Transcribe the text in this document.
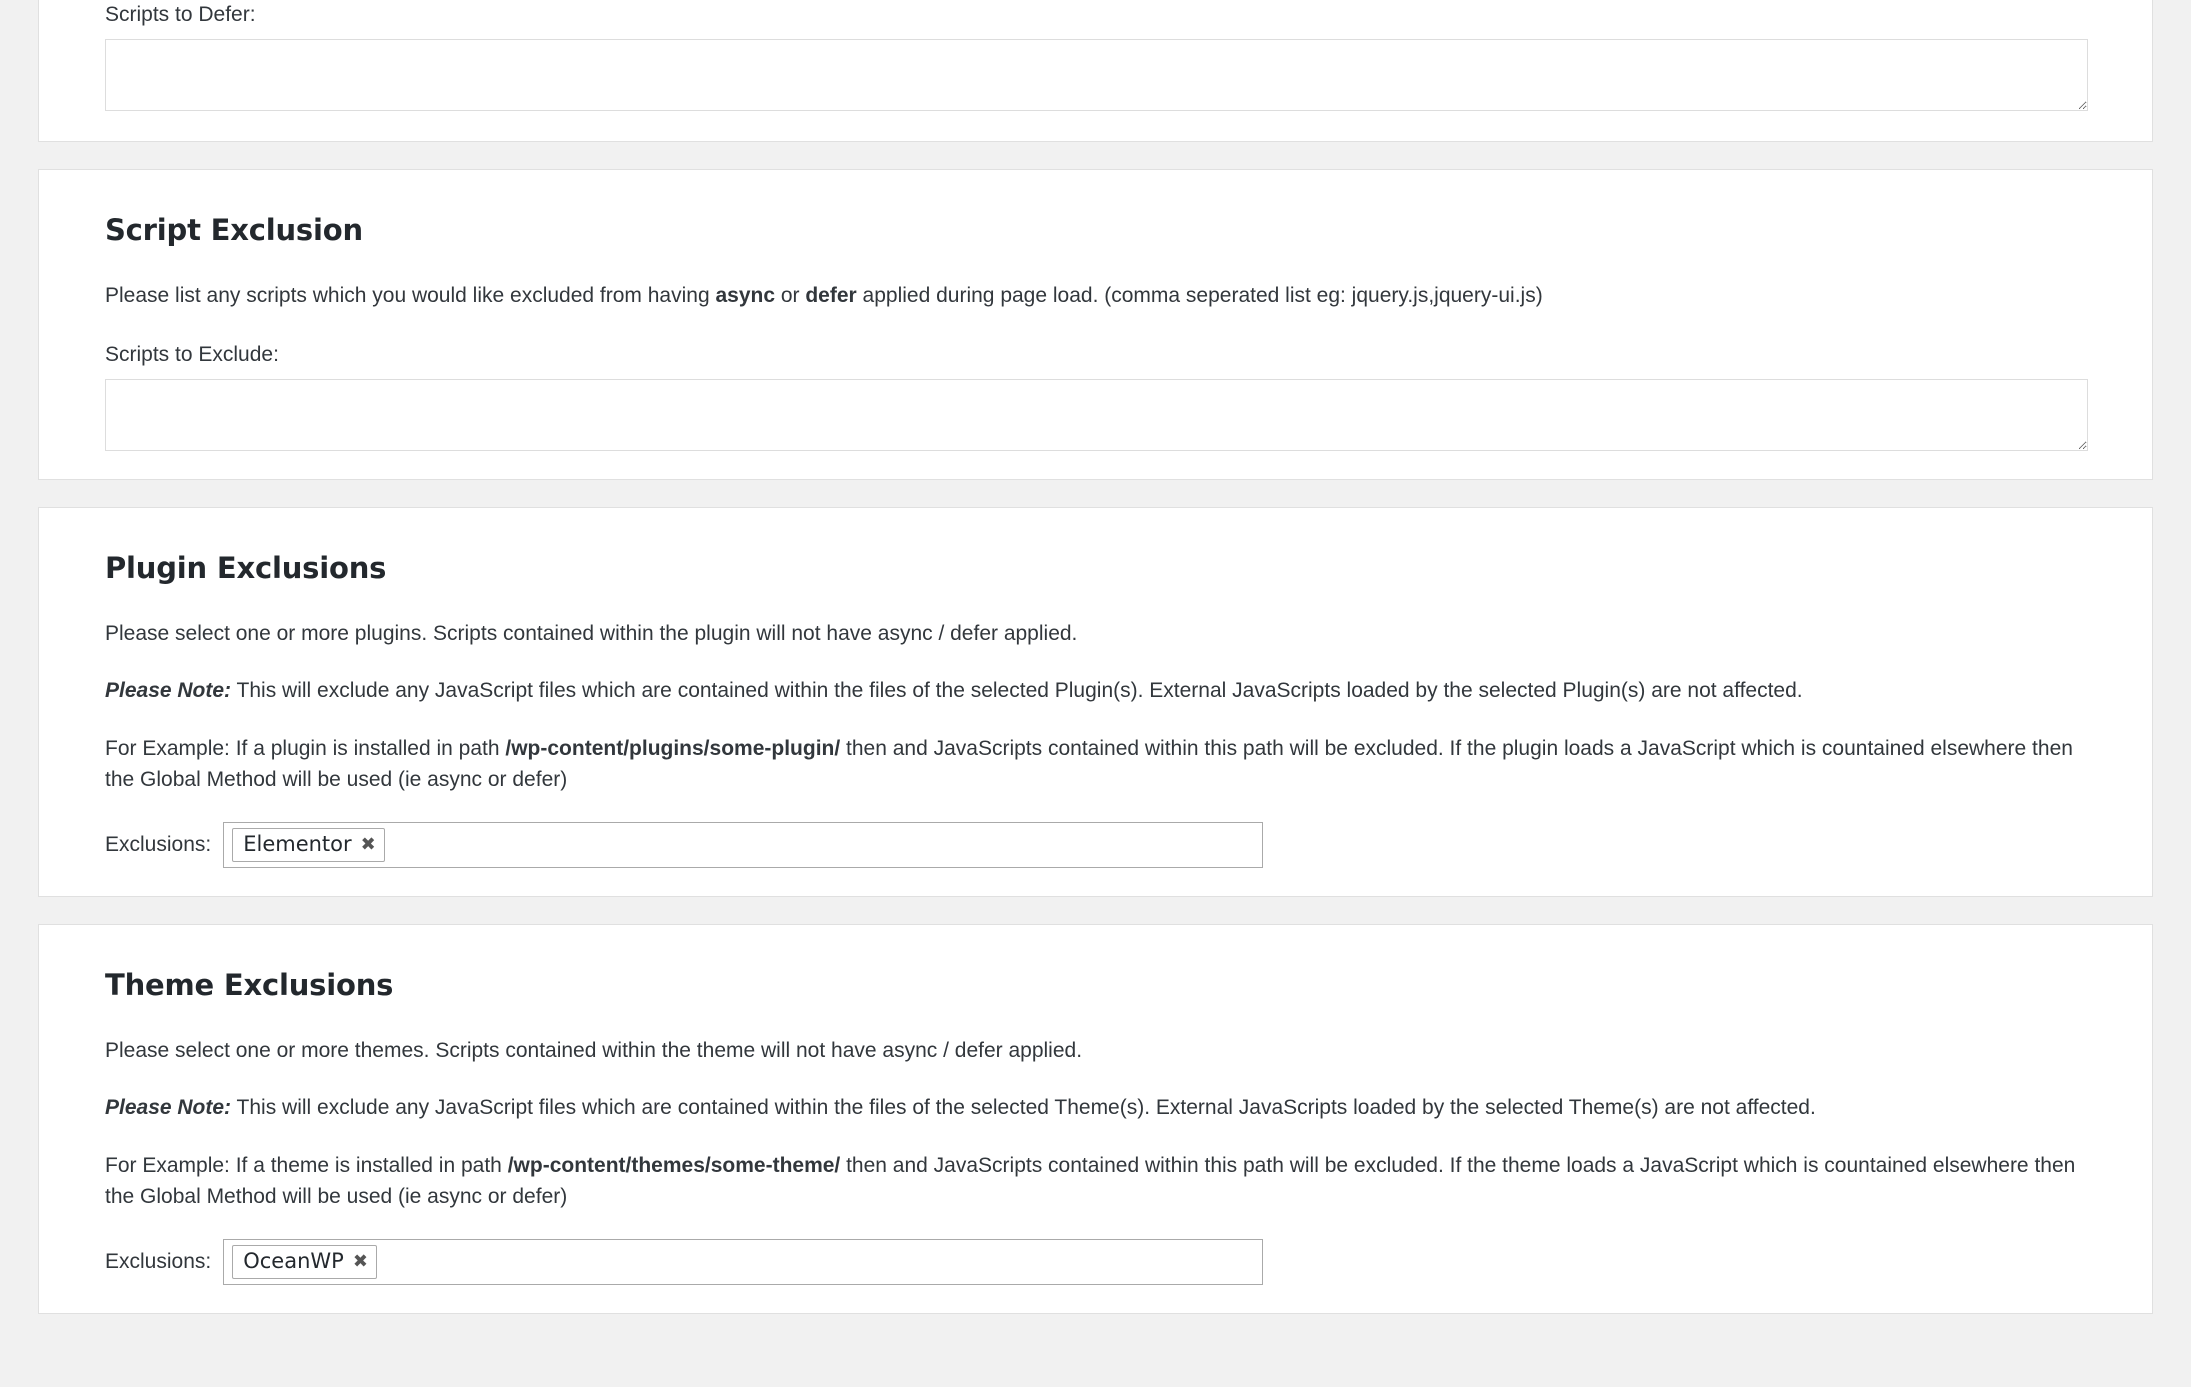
Scripts to Defer:
Script Exclusion

Please list any scripts which you would like excluded from having async or defer applied during page load. (comma seperated list eg: jquery.js,jquery-ui.js)

Scripts to Exclude:
Plugin Exclusions

Please select one or more plugins. Scripts contained within the plugin will not have async / defer applied.

Please Note: This will exclude any JavaScript files which are contained within the files of the selected Plugin(s). External JavaScripts loaded by the selected Plugin(s) are not affected.

For Example: If a plugin is installed in path /wp-content/plugins/some-plugin/ then and JavaScripts contained within this path will be excluded. If the plugin loads a JavaScript which is countained elsewhere then the Global Method will be used (ie async or defer)

Exclusions: Elementor ✖
Theme Exclusions

Please select one or more themes. Scripts contained within the theme will not have async / defer applied.

Please Note: This will exclude any JavaScript files which are contained within the files of the selected Theme(s). External JavaScripts loaded by the selected Theme(s) are not affected.

For Example: If a theme is installed in path /wp-content/themes/some-theme/ then and JavaScripts contained within this path will be excluded. If the theme loads a JavaScript which is countained elsewhere then the Global Method will be used (ie async or defer)

Exclusions: OceanWP ✖
